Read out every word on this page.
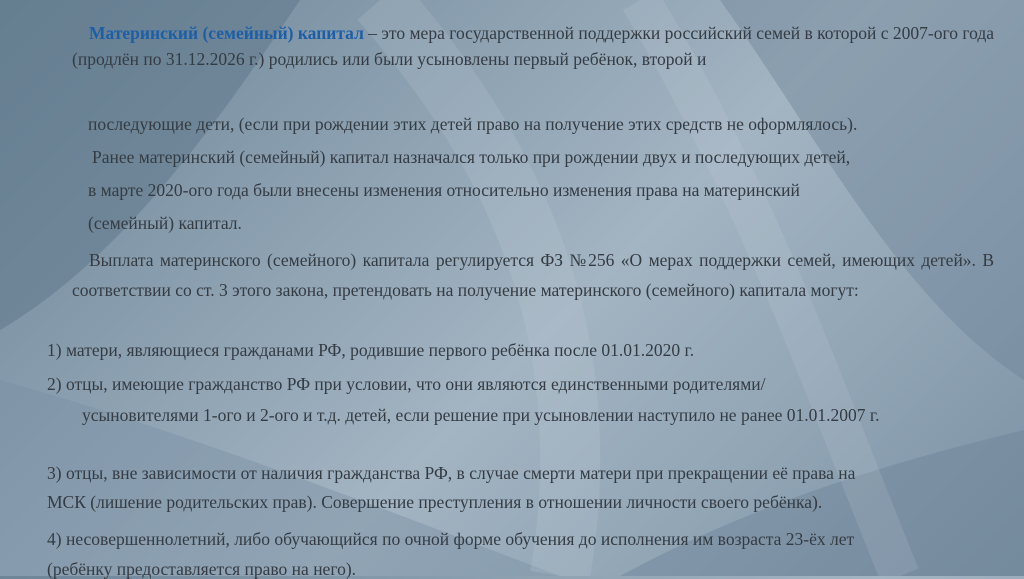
Материнский (семейный) капитал – это мера государственной поддержки российский семей в которой с 2007-ого года (продлён по 31.12.2026 г.) родились или были усыновлены первый ребёнок, второй и

последующие дети, (если при рождении этих детей право на получение этих средств не оформлялось).

Ранее материнский (семейный) капитал назначался только при рождении двух и последующих детей,

в марте 2020-ого года были внесены изменения относительно изменения права на материнский

(семейный) капитал.

Выплата материнского (семейного) капитала регулируется ФЗ №256 «О мерах поддержки семей, имеющих детей». В соответствии со ст. 3 этого закона, претендовать на получение материнского (семейного) капитала могут:

1) матери, являющиеся гражданами РФ, родившие первого ребёнка после 01.01.2020 г.

2) отцы, имеющие гражданство РФ при условии, что они являются единственными родителями/

усыновителями 1-ого и 2-ого и т.д. детей, если решение при усыновлении наступило не ранее 01.01.2007 г.

3) отцы, вне зависимости от наличия гражданства РФ, в случае смерти матери при прекращении её права на

МСК (лишение родительских прав). Совершение преступления в отношении личности своего ребёнка).

4) несовершеннолетний, либо обучающийся по очной форме обучения до исполнения им возраста 23-ёх лет

(ребёнку предоставляется право на него).
